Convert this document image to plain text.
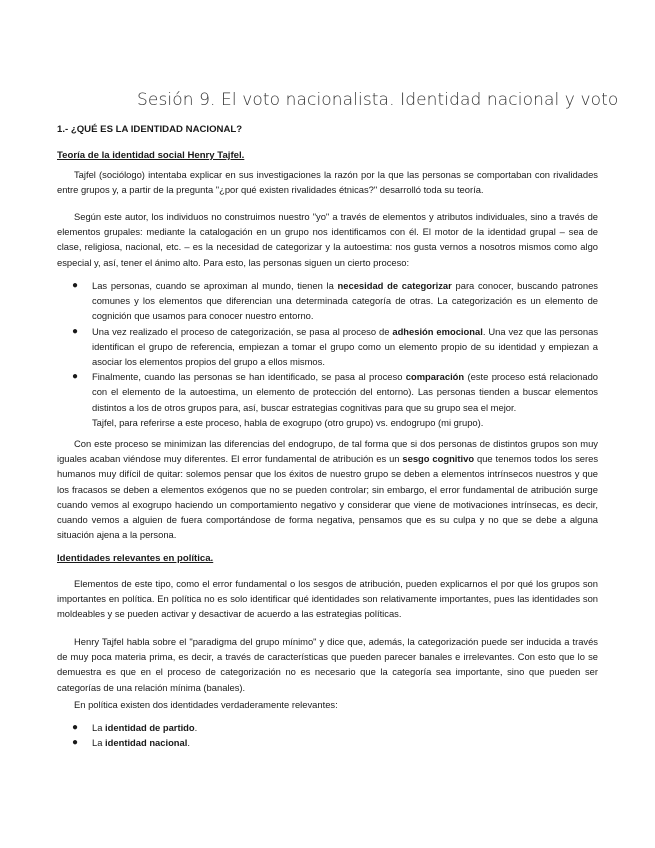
Sesión 9. El voto nacionalista. Identidad nacional y voto
1.- ¿QUÉ ES LA IDENTIDAD NACIONAL?
Teoría de la identidad social Henry Tajfel.

Tajfel (sociólogo) intentaba explicar en sus investigaciones la razón por la que las personas se comportaban con rivalidades entre grupos y, a partir de la pregunta "¿por qué existen rivalidades étnicas?" desarrolló toda su teoría.

Según este autor, los individuos no construimos nuestro "yo" a través de elementos y atributos individuales, sino a través de elementos grupales: mediante la catalogación en un grupo nos identificamos con él. El motor de la identidad grupal – sea de clase, religiosa, nacional, etc. – es la necesidad de categorizar y la autoestima: nos gusta vernos a nosotros mismos como algo especial y, así, tener el ánimo alto. Para esto, las personas siguen un cierto proceso:

● Las personas, cuando se aproximan al mundo, tienen la necesidad de categorizar para conocer, buscando patrones comunes y los elementos que diferencian una determinada categoría de otras. La categorización es un elemento de cognición que usamos para conocer nuestro entorno.
● Una vez realizado el proceso de categorización, se pasa al proceso de adhesión emocional. Una vez que las personas identifican el grupo de referencia, empiezan a tomar el grupo como un elemento propio de su identidad y empiezan a asociar los elementos propios del grupo a ellos mismos.
● Finalmente, cuando las personas se han identificado, se pasa al proceso comparación (este proceso está relacionado con el elemento de la autoestima, un elemento de protección del entorno). Las personas tienden a buscar elementos distintos a los de otros grupos para, así, buscar estrategias cognitivas para que su grupo sea el mejor.
Tajfel, para referirse a este proceso, habla de exogrupo (otro grupo) vs. endogrupo (mi grupo).

Con este proceso se minimizan las diferencias del endogrupo, de tal forma que si dos personas de distintos grupos son muy iguales acaban viéndose muy diferentes. El error fundamental de atribución es un sesgo cognitivo que tenemos todos los seres humanos muy difícil de quitar: solemos pensar que los éxitos de nuestro grupo se deben a elementos intrínsecos nuestros y que los fracasos se deben a elementos exógenos que no se pueden controlar; sin embargo, el error fundamental de atribución surge cuando vemos al exogrupo haciendo un comportamiento negativo y considerar que viene de motivaciones intrínsecas, es decir, cuando vemos a alguien de fuera comportándose de forma negativa, pensamos que es su culpa y no que se debe a alguna situación ajena a la persona.

Identidades relevantes en política.

Elementos de este tipo, como el error fundamental o los sesgos de atribución, pueden explicarnos el por qué los grupos son importantes en política. En política no es solo identificar qué identidades son relativamente importantes, pues las identidades son moldeables y se pueden activar y desactivar de acuerdo a las estrategias políticas.

Henry Tajfel habla sobre el "paradigma del grupo mínimo" y dice que, además, la categorización puede ser inducida a través de muy poca materia prima, es decir, a través de características que pueden parecer banales e irrelevantes. Con esto que lo se demuestra es que en el proceso de categorización no es necesario que la categoría sea importante, sino que pueden ser categorías de una relación mínima (banales).

En política existen dos identidades verdaderamente relevantes:

● La identidad de partido.
● La identidad nacional.
